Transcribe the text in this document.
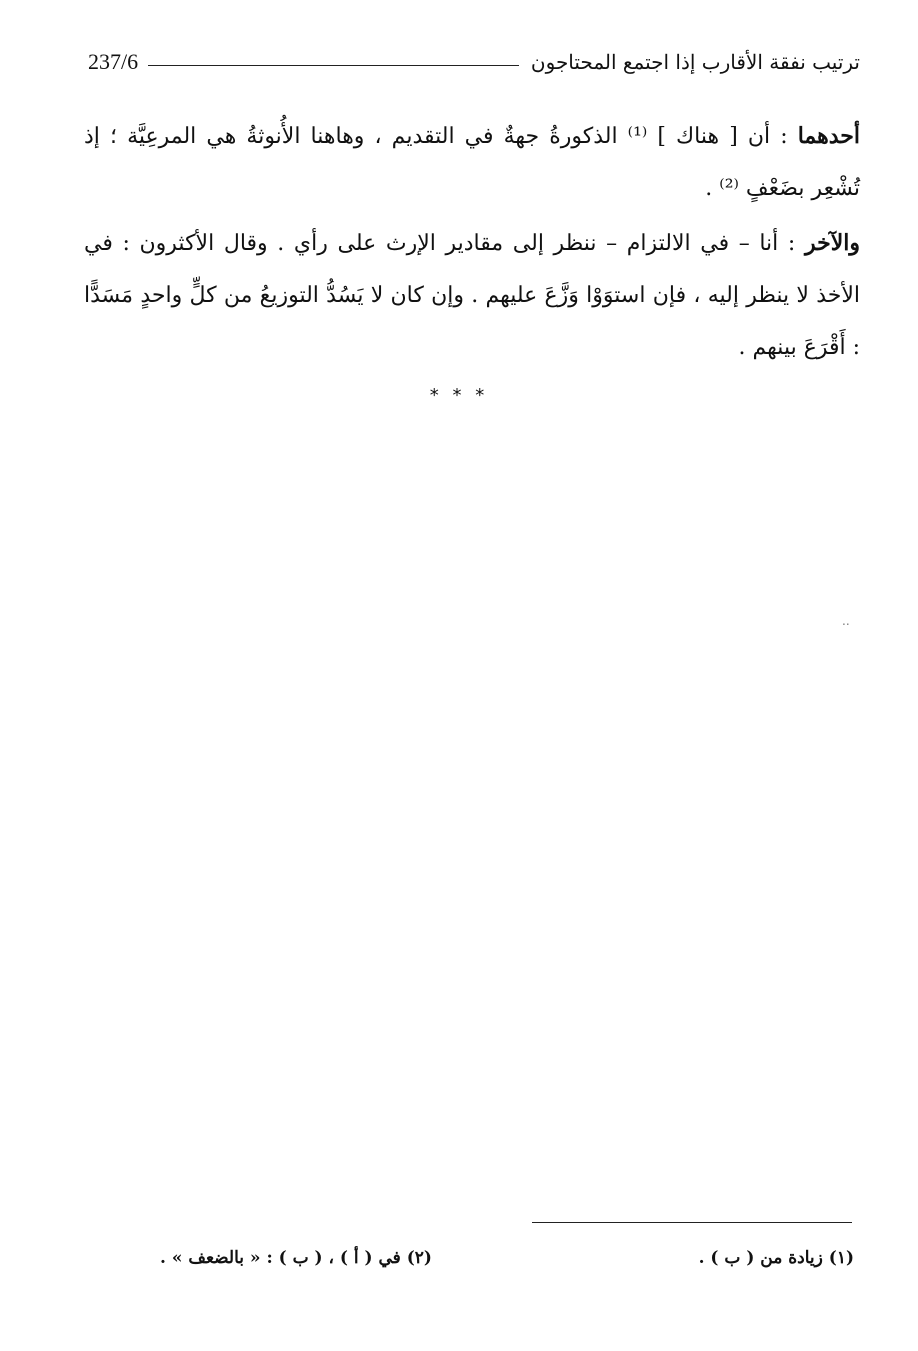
ترتيب نفقة الأقارب إذا اجتمع المحتاجون
237/6

أحدهما : أن [ هناك ] ⁽¹⁾ الذكورةُ جهةٌ في التقديم ، وهاهنا الأُنوثةُ هي المرعِيَّة ؛ إذ تُشْعِر بضَعْفٍ ⁽²⁾ .

والآخر : أنا – في الالتزام – ننظر إلى مقادير الإرث على رأي . وقال الأكثرون : في الأخذ لا ينظر إليه ، فإن استوَوْا وَزَّعَ عليهم . وإن كان لا يَسُدُّ التوزيعُ من كلٍّ واحدٍ مَسَدًّا : أَقْرَعَ بينهم .

* * *
..
(١) زيادة من ( ب ) .
(٢) في ( أ ) ، ( ب ) : « بالضعف » .
